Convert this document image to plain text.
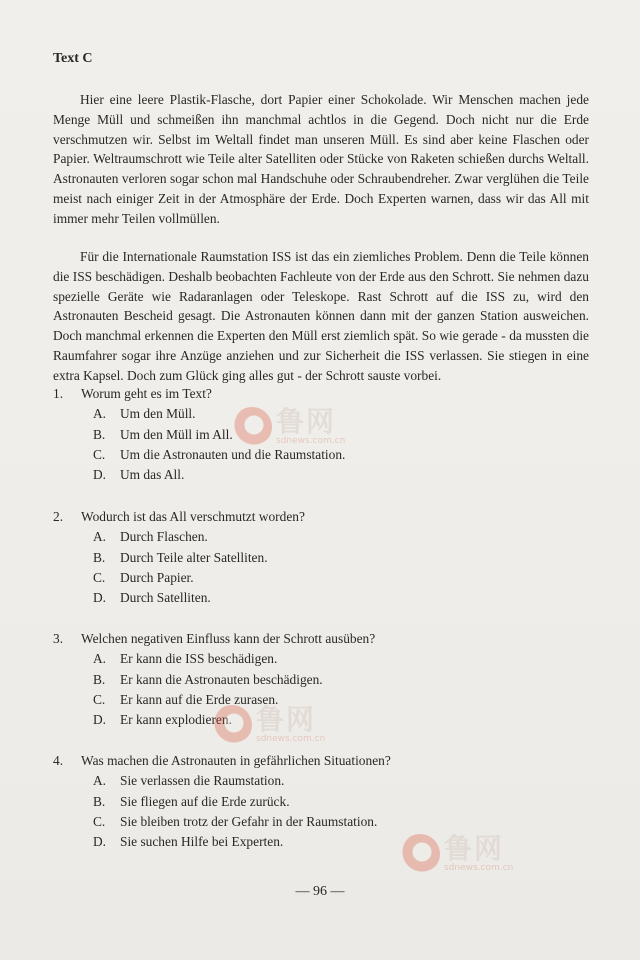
Text C

Hier eine leere Plastik-Flasche, dort Papier einer Schokolade. Wir Menschen machen jede Menge Müll und schmeißen ihn manchmal achtlos in die Gegend. Doch nicht nur die Erde verschmutzen wir. Selbst im Weltall findet man unseren Müll. Es sind aber keine Flaschen oder Papier. Weltraumschrott wie Teile alter Satelliten oder Stücke von Raketen schießen durchs Weltall. Astronauten verloren sogar schon mal Handschuhe oder Schraubendreher. Zwar verglühen die Teile meist nach einiger Zeit in der Atmosphäre der Erde. Doch Experten warnen, dass wir das All mit immer mehr Teilen vollmüllen.

Für die Internationale Raumstation ISS ist das ein ziemliches Problem. Denn die Teile können die ISS beschädigen. Deshalb beobachten Fachleute von der Erde aus den Schrott. Sie nehmen dazu spezielle Geräte wie Radaranlagen oder Teleskope. Rast Schrott auf die ISS zu, wird den Astronauten Bescheid gesagt. Die Astronauten können dann mit der ganzen Station ausweichen. Doch manchmal erkennen die Experten den Müll erst ziemlich spät. So wie gerade - da mussten die Raumfahrer sogar ihre Anzüge anziehen und zur Sicherheit die ISS verlassen. Sie stiegen in eine extra Kapsel. Doch zum Glück ging alles gut - der Schrott sauste vorbei.

1.	Worum geht es im Text?
A.	Um den Müll.
B.	Um den Müll im All.
C.	Um die Astronauten und die Raumstation.
D.	Um das All.
2.	Wodurch ist das All verschmutzt worden?
A.	Durch Flaschen.
B.	Durch Teile alter Satelliten.
C.	Durch Papier.
D.	Durch Satelliten.
3.	Welchen negativen Einfluss kann der Schrott ausüben?
A.	Er kann die ISS beschädigen.
B.	Er kann die Astronauten beschädigen.
C.	Er kann auf die Erde zurasen.
D.	Er kann explodieren.
4.	Was machen die Astronauten in gefährlichen Situationen?
A.	Sie verlassen die Raumstation.
B.	Sie fliegen auf die Erde zurück.
C.	Sie bleiben trotz der Gefahr in der Raumstation.
D.	Sie suchen Hilfe bei Experten.
— 96 —
鲁网
sdnews.com.cn
鲁网
sdnews.com.cn
鲁网
sdnews.com.cn
